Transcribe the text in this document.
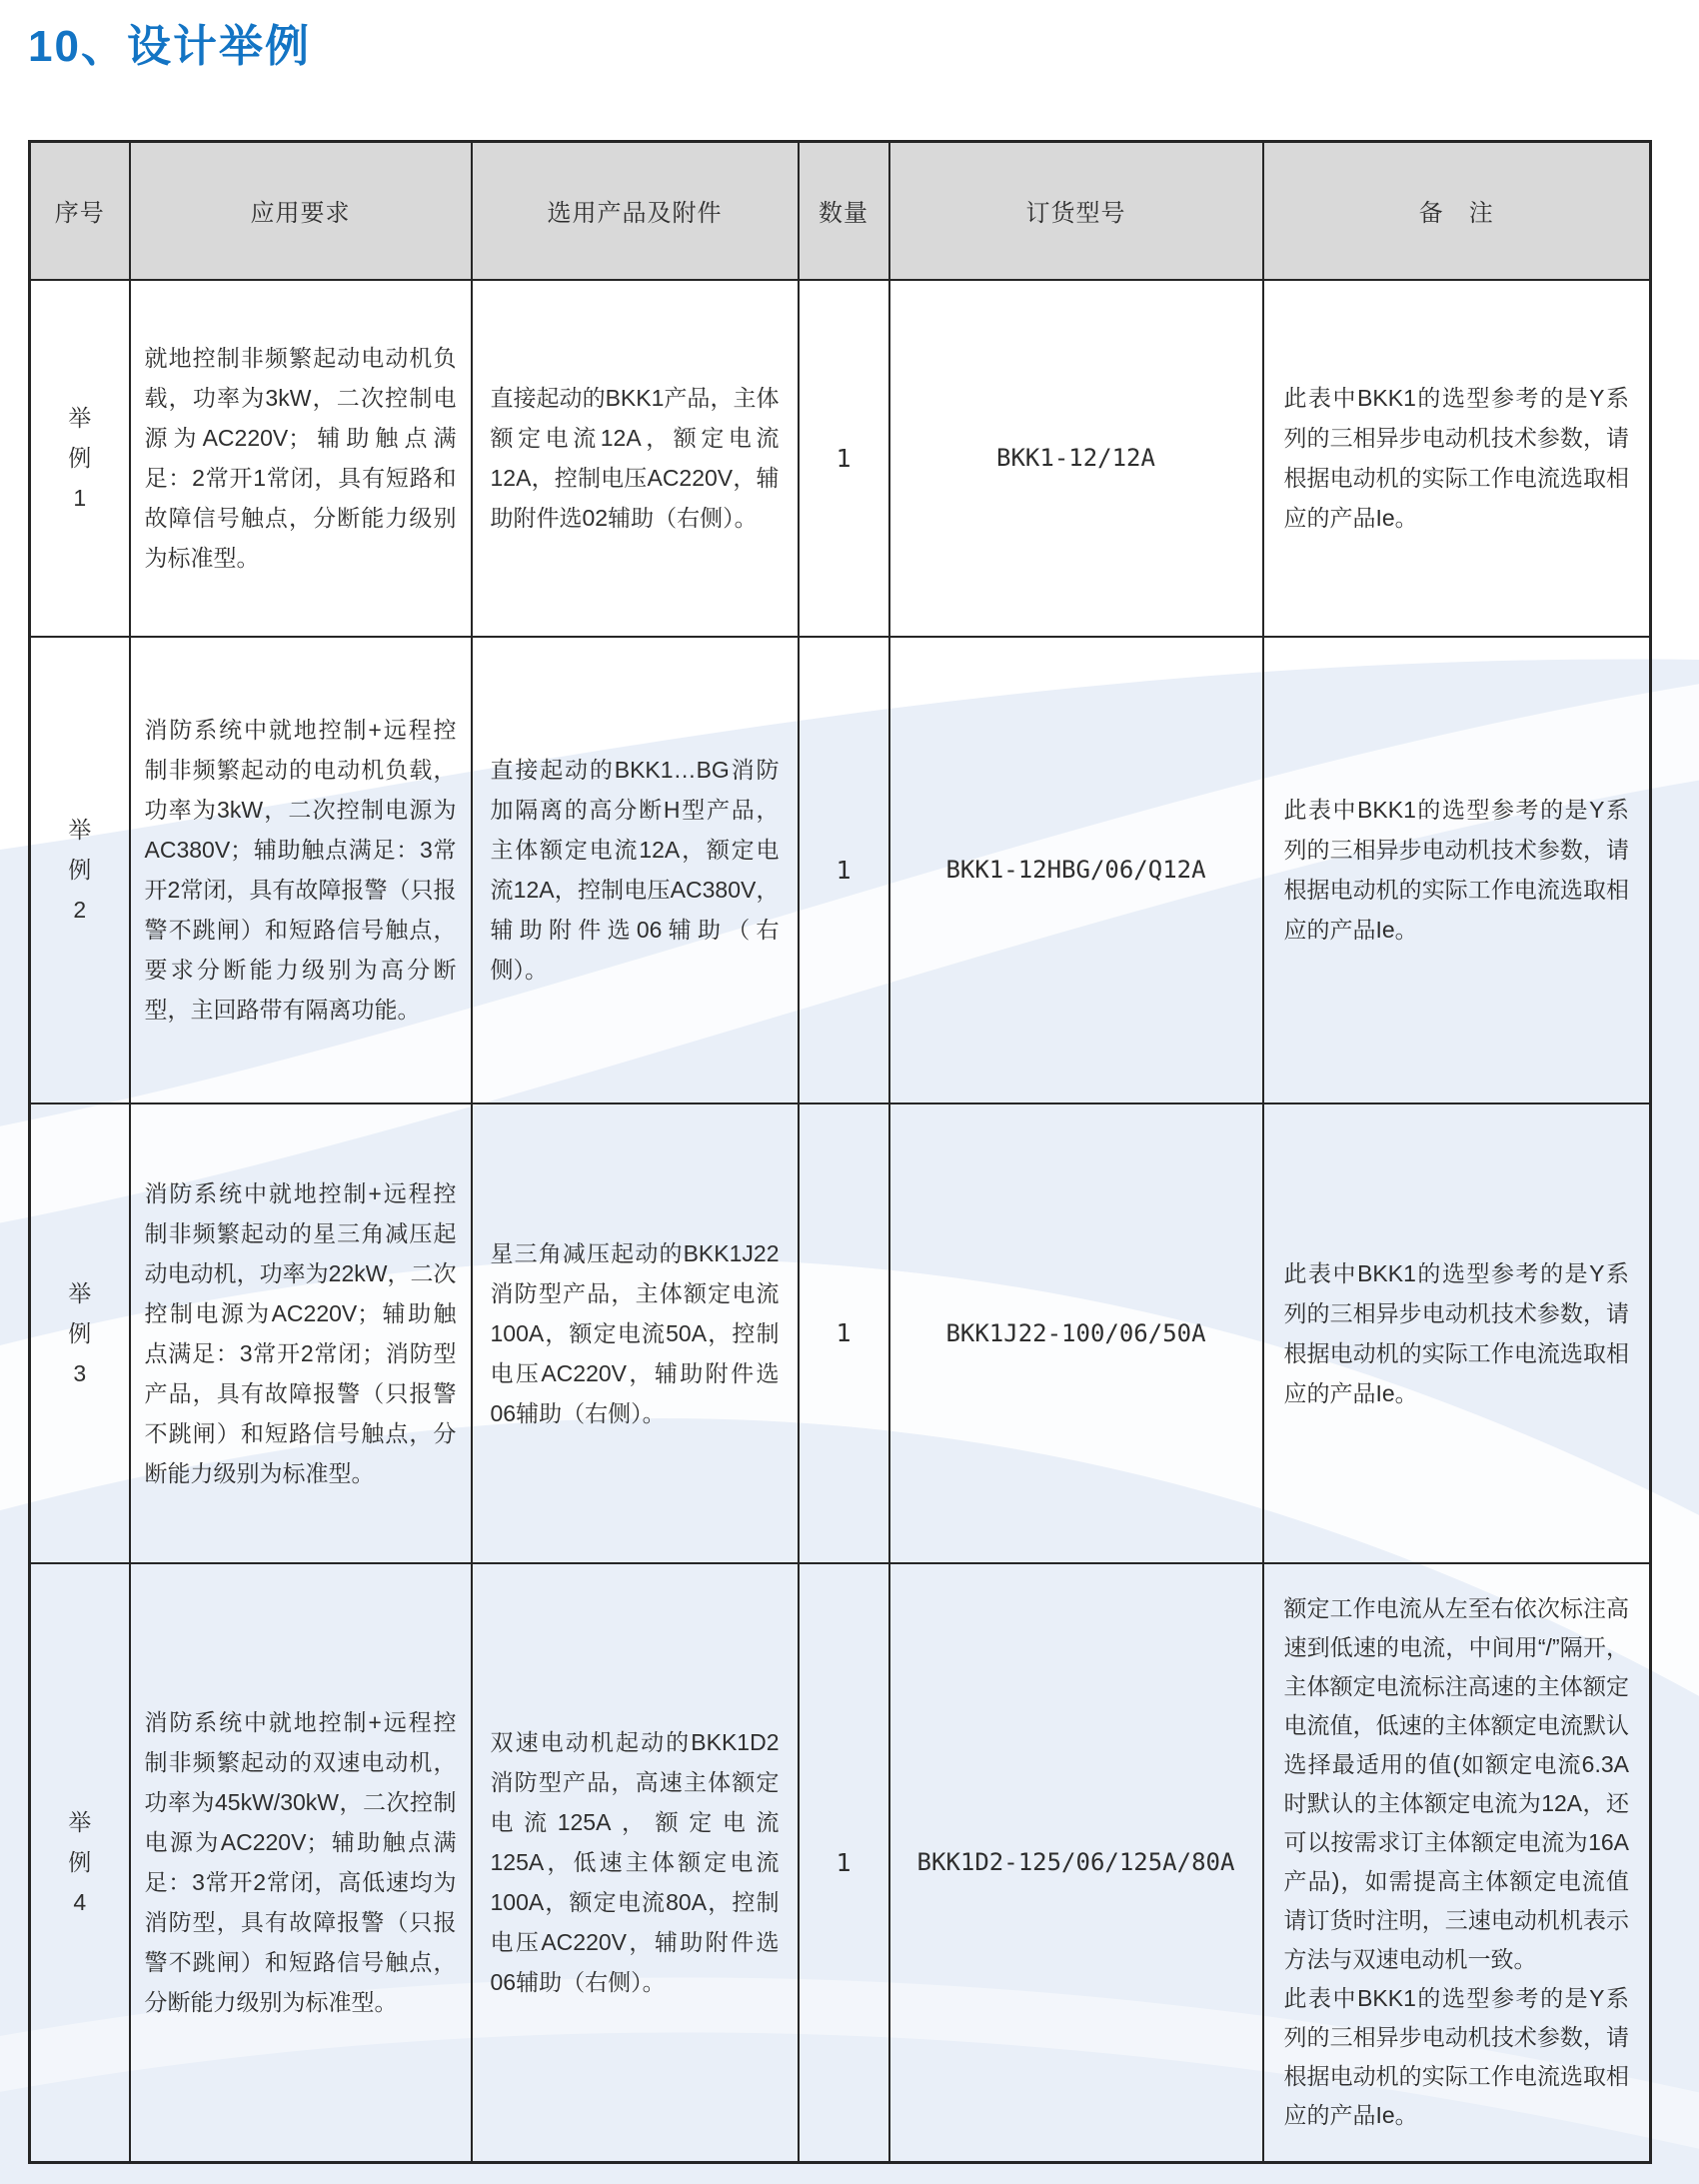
10、设计举例
序号	应用要求	选用产品及附件	数量	订货型号	备　注

举例1	就地控制非频繁起动电动机负载，功率为3kW，二次控制电源为AC220V；辅助触点满足：2常开1常闭，具有短路和故障信号触点，分断能力级别为标准型。	直接起动的BKK1产品，主体额定电流12A，额定电流12A，控制电压AC220V，辅助附件选02辅助（右侧）。	1	BKK1-12/12A	此表中BKK1的选型参考的是Y系列的三相异步电动机技术参数，请根据电动机的实际工作电流选取相应的产品Ie。

举例2	消防系统中就地控制+远程控制非频繁起动的电动机负载，功率为3kW，二次控制电源为AC380V；辅助触点满足：3常开2常闭，具有故障报警（只报警不跳闸）和短路信号触点，要求分断能力级别为高分断型，主回路带有隔离功能。	直接起动的BKK1…BG消防加隔离的高分断H型产品，主体额定电流12A，额定电流12A，控制电压AC380V，辅助附件选06辅助（右侧）。	1	BKK1-12HBG/06/Q12A	此表中BKK1的选型参考的是Y系列的三相异步电动机技术参数，请根据电动机的实际工作电流选取相应的产品Ie。

举例3	消防系统中就地控制+远程控制非频繁起动的星三角减压起动电动机，功率为22kW，二次控制电源为AC220V；辅助触点满足：3常开2常闭；消防型产品，具有故障报警（只报警不跳闸）和短路信号触点，分断能力级别为标准型。	星三角减压起动的BKK1J22消防型产品，主体额定电流100A，额定电流50A，控制电压AC220V，辅助附件选06辅助（右侧）。	1	BKK1J22-100/06/50A	此表中BKK1的选型参考的是Y系列的三相异步电动机技术参数，请根据电动机的实际工作电流选取相应的产品Ie。

举例4	消防系统中就地控制+远程控制非频繁起动的双速电动机，功率为45kW/30kW，二次控制电源为AC220V；辅助触点满足：3常开2常闭，高低速均为消防型，具有故障报警（只报警不跳闸）和短路信号触点，分断能力级别为标准型。	双速电动机起动的BKK1D2消防型产品，高速主体额定电流125A，额定电流125A，低速主体额定电流100A，额定电流80A，控制电压AC220V，辅助附件选06辅助（右侧）。	1	BKK1D2-125/06/125A/80A	额定工作电流从左至右依次标注高速到低速的电流，中间用“/”隔开，主体额定电流标注高速的主体额定电流值，低速的主体额定电流默认选择最适用的值(如额定电流6.3A时默认的主体额定电流为12A，还可以按需求订主体额定电流为16A产品)，如需提高主体额定电流值请订货时注明，三速电动机机表示方法与双速电动机一致。
此表中BKK1的选型参考的是Y系列的三相异步电动机技术参数，请根据电动机的实际工作电流选取相应的产品Ie。
